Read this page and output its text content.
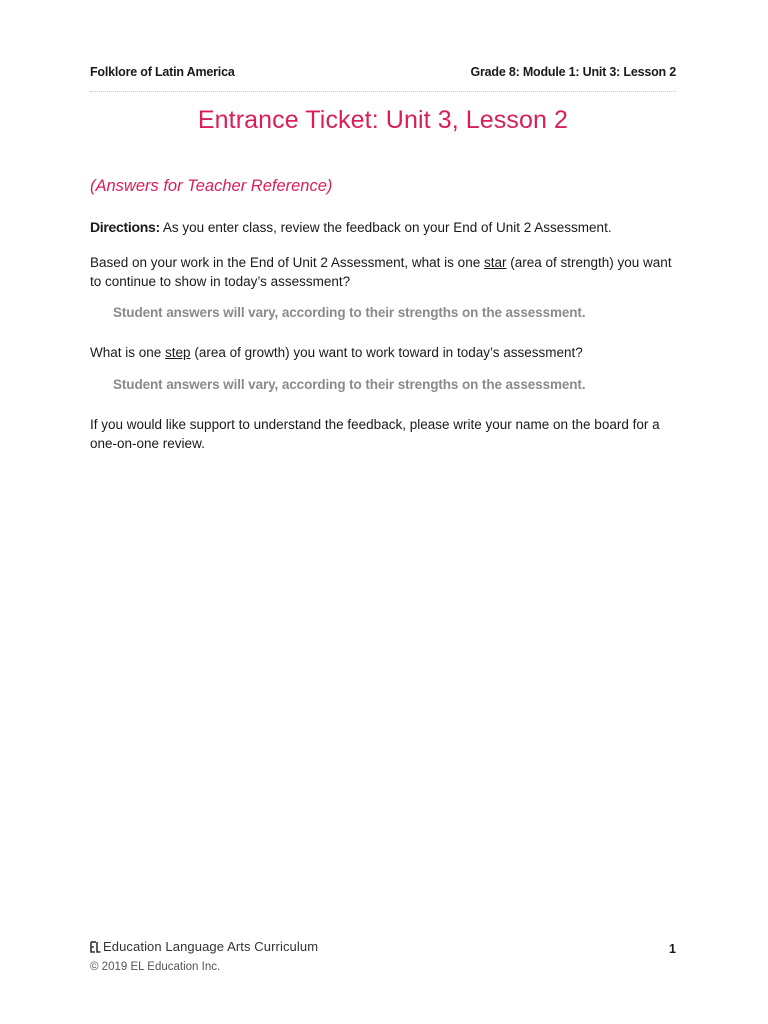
Folklore of Latin America	Grade 8: Module 1: Unit 3: Lesson 2
Entrance Ticket: Unit 3, Lesson 2
(Answers for Teacher Reference)
Directions: As you enter class, review the feedback on your End of Unit 2 Assessment.
Based on your work in the End of Unit 2 Assessment, what is one star (area of strength) you want to continue to show in today’s assessment?
Student answers will vary, according to their strengths on the assessment.
What is one step (area of growth) you want to work toward in today’s assessment?
Student answers will vary, according to their strengths on the assessment.
If you would like support to understand the feedback, please write your name on the board for a one-on-one review.
Education Language Arts Curriculum
© 2019 EL Education Inc.
1
